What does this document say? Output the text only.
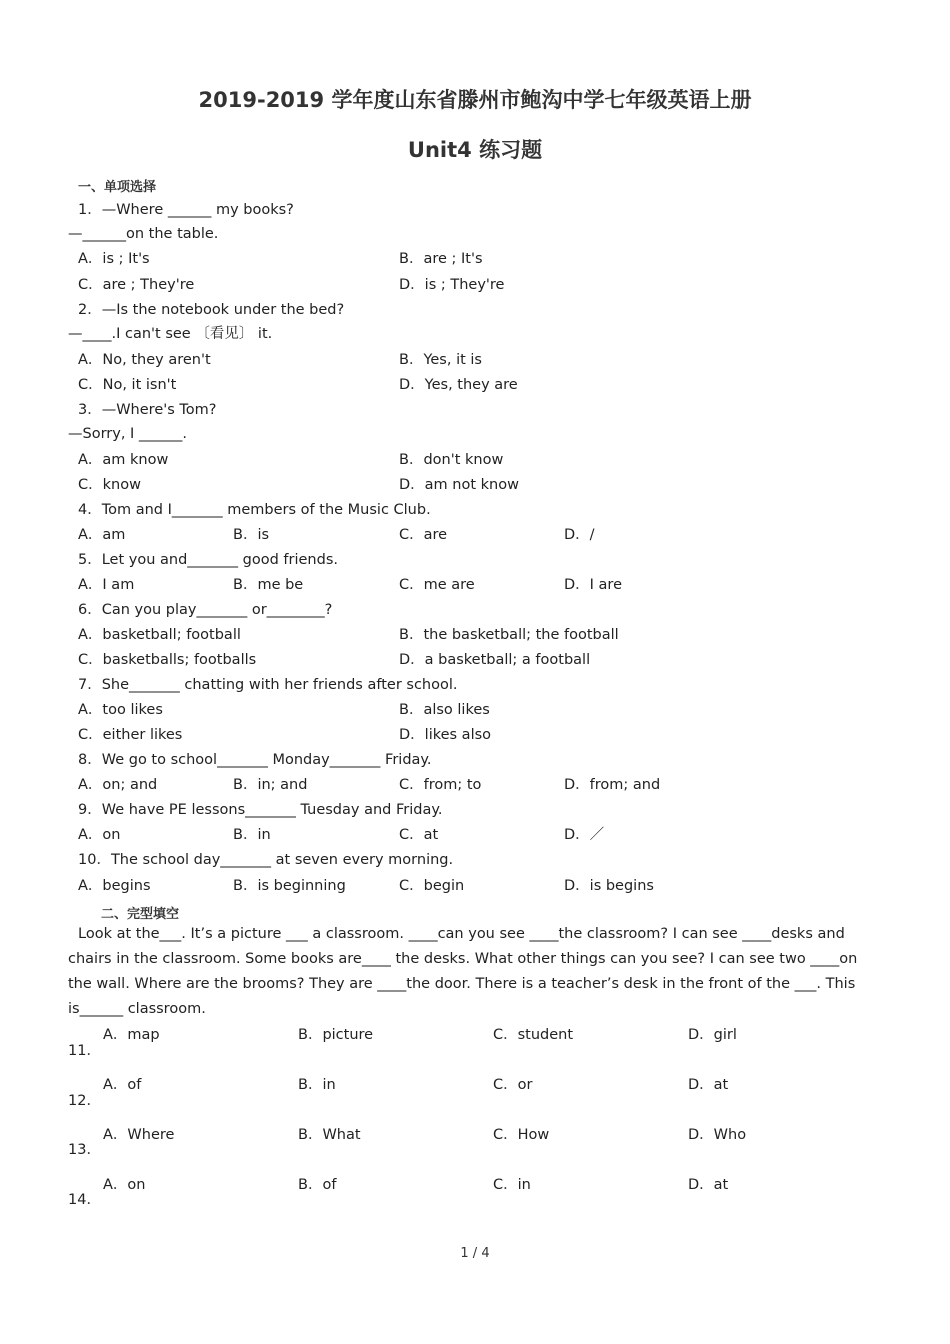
2019-2019 学年度山东省滕州市鲍沟中学七年级英语上册
Unit4 练习题
一、单项选择
1．—Where ______ my books?
—______on the table.
A．is ; It's	B．are ; It's
C．are ; They're	D．is ; They're
2．—Is the notebook under the bed?
—____.I can't see 〔看见〕 it.
A．No, they aren't	B．Yes, it is
C．No, it isn't	D．Yes, they are
3．—Where's Tom?
—Sorry, I ______.
A．am know	B．don't know
C．know	D．am not know
4．Tom and I_______ members of the Music Club.
A．am	B．is	C．are	D．/
5．Let you and_______ good friends.
A．I am	B．me be	C．me are	D．I are
6．Can you play_______ or________?
A．basketball; football	B．the basketball; the football
C．basketballs; footballs	D．a basketball; a football
7．She_______ chatting with her friends after school.
A．too likes	B．also likes
C．either likes	D．likes also
8．We go to school_______ Monday_______ Friday.
A．on; and	B．in; and	C．from; to	D．from; and
9．We have PE lessons_______ Tuesday and Friday.
A．on	B．in	C．at	D．／
10．The school day_______ at seven every morning.
A．begins	B．is beginning	C．begin	D．is begins
二、完型填空
Look at the___. It’s a picture ___ a classroom. ____can you see ____the classroom? I can see ____desks and chairs in the classroom. Some books are____ the desks. What other things can you see? I can see two ____on the wall. Where are the brooms? They are ____the door. There is a teacher’s desk in the front of the ___. This is______ classroom.
11．
A．map	B．picture	C．student	D．girl
12．
A．of	B．in	C．or	D．at
13．
A．Where	B．What	C．How	D．Who
14．
A．on	B．of	C．in	D．at
1 / 4
